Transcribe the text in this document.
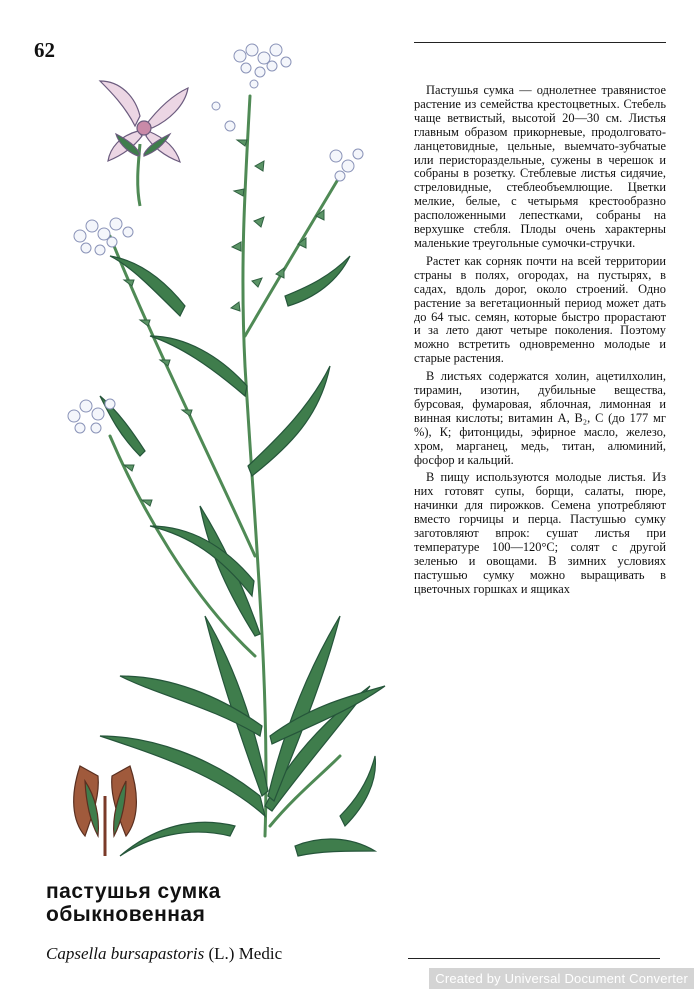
62

Пастушья сумка — однолетнее травянистое растение из семейства крестоцветных. Стебель чаще ветвистый, высотой 20—30 см. Листья главным образом прикорневые, продолговато-ланцетовидные, цельные, выемчато-зубчатые или перистораздельные, сужены в черешок и собраны в розетку. Стеблевые листья сидячие, стреловидные, стеблеобъемлющие. Цветки мелкие, белые, с четырьмя крестообразно расположенными лепестками, собраны на верхушке стебля. Плоды очень характерны маленькие треугольные сумочки-стручки.

Растет как сорняк почти на всей территории страны в полях, огородах, на пустырях, в садах, вдоль дорог, около строений. Одно растение за вегетационный период может дать до 64 тыс. семян, которые быстро прорастают и за лето дают четыре поколения. Поэтому можно встретить одновременно молодые и старые растения.

В листьях содержатся холин, ацетилхолин, тирамин, изотин, дубильные вещества, бурсовая, фумаровая, яблочная, лимонная и винная кислоты; витамин А, В₂, С (до 177 мг %), К; фитонциды, эфирное масло, железо, хром, марганец, медь, титан, алюминий, фосфор и кальций.

В пищу используются молодые листья. Из них готовят супы, борщи, салаты, пюре, начинки для пирожков. Семена употребляют вместо горчицы и перца. Пастушью сумку заготовляют впрок: сушат листья при температуре 100—120°С; солят с другой зеленью и овощами. В зимних условиях пастушью сумку можно выращивать в цветочных горшках и ящиках

пастушья сумка
обыкновенная
Capsella bursapastoris (L.) Medic
Created by Universal Document Converter
